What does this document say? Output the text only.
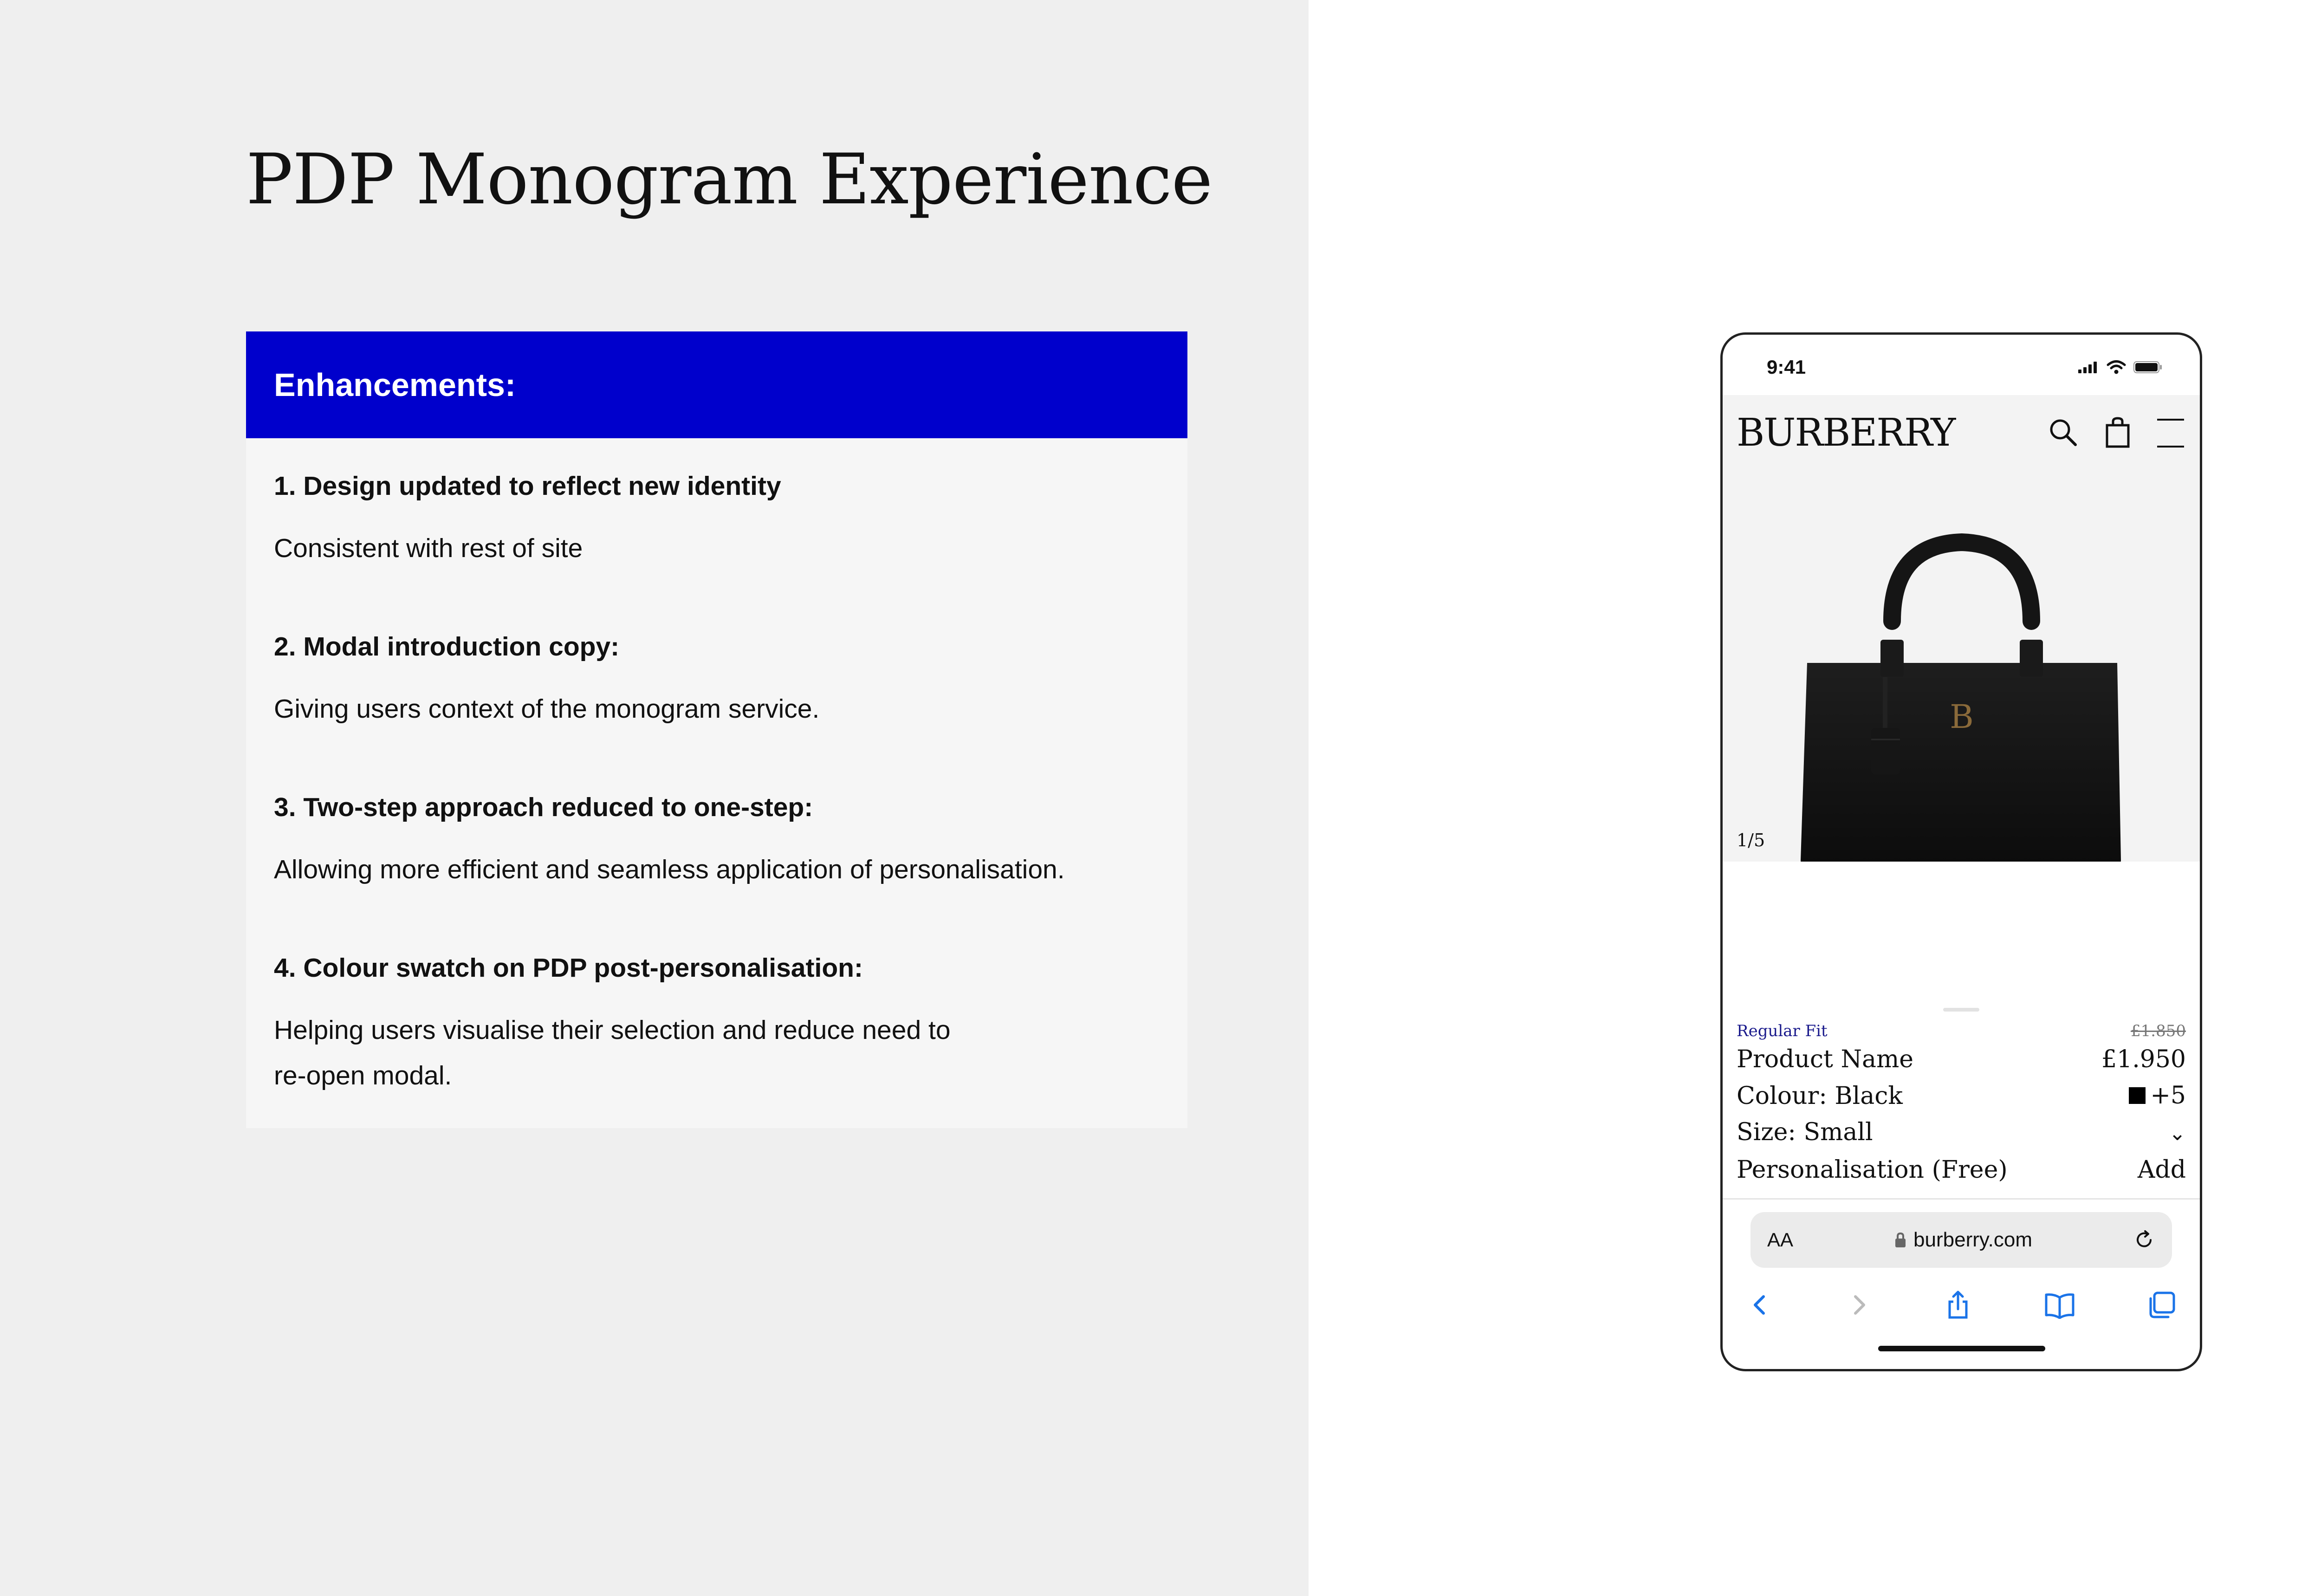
PDP Monogram Experience
Enhancements:

1. Design updated to reflect new identity

Consistent with rest of site

2. Modal introduction copy:

Giving users context of the monogram service.

3. Two-step approach reduced to one-step:

Allowing more efficient and seamless application of personalisation.

4. Colour swatch on PDP post-personalisation:

Helping users visualise their selection and reduce need to
re-open modal.

9:41
BURBERRY
B
1/5
Regular Fit	£1.850
Product Name	£1.950
Colour: Black	+5
Size: Small	⌄
Personalisation (Free)	Add
AA	burberry.com
